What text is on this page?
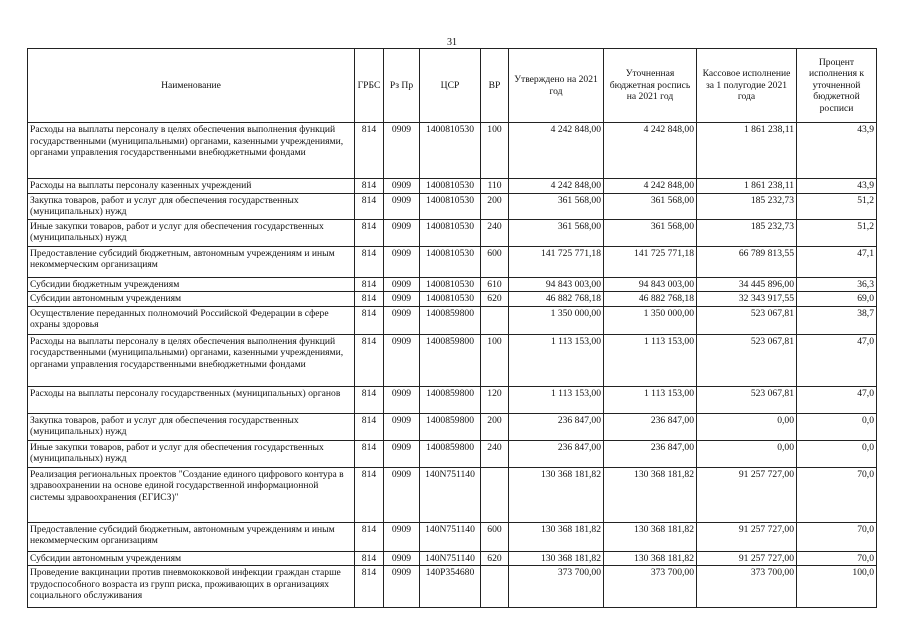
31
Наименование	ГРБС	Рз Пр	ЦСР	ВР	Утверждено на 2021 год	Уточненная бюджетная роспись на 2021 год	Кассовое исполнение за 1 полугодие 2021 года	Процент исполнения к уточненной бюджетной росписи
Расходы на выплаты персоналу в целях обеспечения выполнения функций государственными (муниципальными) органами, казенными учреждениями, органами управления государственными внебюджетными фондами	814	0909	1400810530	100	4 242 848,00	4 242 848,00	1 861 238,11	43,9
Расходы на выплаты персоналу казенных учреждений	814	0909	1400810530	110	4 242 848,00	4 242 848,00	1 861 238,11	43,9
Закупка товаров, работ и услуг для обеспечения государственных (муниципальных) нужд	814	0909	1400810530	200	361 568,00	361 568,00	185 232,73	51,2
Иные закупки товаров, работ и услуг для обеспечения государственных (муниципальных) нужд	814	0909	1400810530	240	361 568,00	361 568,00	185 232,73	51,2
Предоставление субсидий бюджетным, автономным учреждениям и иным некоммерческим организациям	814	0909	1400810530	600	141 725 771,18	141 725 771,18	66 789 813,55	47,1
Субсидии бюджетным учреждениям	814	0909	1400810530	610	94 843 003,00	94 843 003,00	34 445 896,00	36,3
Субсидии автономным учреждениям	814	0909	1400810530	620	46 882 768,18	46 882 768,18	32 343 917,55	69,0
Осуществление переданных полномочий Российской Федерации в сфере охраны здоровья	814	0909	1400859800		1 350 000,00	1 350 000,00	523 067,81	38,7
Расходы на выплаты персоналу в целях обеспечения выполнения функций государственными (муниципальными) органами, казенными учреждениями, органами управления государственными внебюджетными фондами	814	0909	1400859800	100	1 113 153,00	1 113 153,00	523 067,81	47,0
Расходы на выплаты персоналу государственных (муниципальных) органов	814	0909	1400859800	120	1 113 153,00	1 113 153,00	523 067,81	47,0
Закупка товаров, работ и услуг для обеспечения государственных (муниципальных) нужд	814	0909	1400859800	200	236 847,00	236 847,00	0,00	0,0
Иные закупки товаров, работ и услуг для обеспечения государственных (муниципальных) нужд	814	0909	1400859800	240	236 847,00	236 847,00	0,00	0,0
Реализация региональных проектов "Создание единого цифрового контура в здравоохранении на основе единой государственной информационной системы здравоохранения (ЕГИСЗ)"	814	0909	140N751140		130 368 181,82	130 368 181,82	91 257 727,00	70,0
Предоставление субсидий бюджетным, автономным учреждениям и иным некоммерческим организациям	814	0909	140N751140	600	130 368 181,82	130 368 181,82	91 257 727,00	70,0
Субсидии автономным учреждениям	814	0909	140N751140	620	130 368 181,82	130 368 181,82	91 257 727,00	70,0
Проведение вакцинации против пневмококковой инфекции граждан старше трудоспособного возраста из групп риска, проживающих в организациях социального обслуживания	814	0909	140Р354680		373 700,00	373 700,00	373 700,00	100,0
